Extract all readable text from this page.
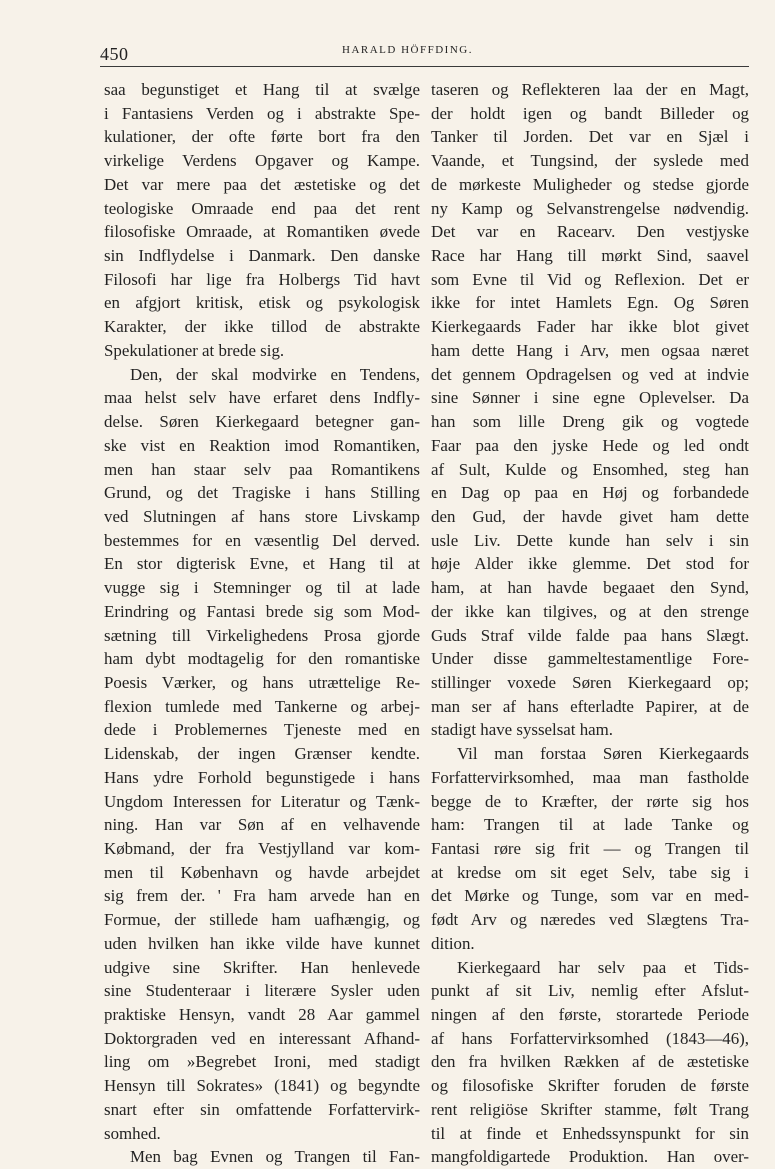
450	HARALD HÖFFDING.
saa begunstiget et Hang til at svælge
i Fantasiens Verden og i abstrakte Spe-
kulationer, der ofte førte bort fra den
virkelige Verdens Opgaver og Kampe.
Det var mere paa det æstetiske og det
teologiske Omraade end paa det rent
filosofiske Omraade, at Romantiken øvede
sin Indflydelse i Danmark. Den danske
Filosofi har lige fra Holbergs Tid havt
en afgjort kritisk, etisk og psykologisk
Karakter, der ikke tillod de abstrakte
Spekulationer at brede sig.
Den, der skal modvirke en Tendens,
maa helst selv have erfaret dens Indfly-
delse. Søren Kierkegaard betegner gan-
ske vist en Reaktion imod Romantiken,
men han staar selv paa Romantikens
Grund, og det Tragiske i hans Stilling
ved Slutningen af hans store Livskamp
bestemmes for en væsentlig Del derved.
En stor digterisk Evne, et Hang til at
vugge sig i Stemninger og til at lade
Erindring og Fantasi brede sig som Mod-
sætning till Virkelighedens Prosa gjorde
ham dybt modtagelig for den romantiske
Poesis Værker, og hans utrættelige Re-
flexion tumlede med Tankerne og arbej-
dede i Problemernes Tjeneste med en
Lidenskab, der ingen Grænser kendte.
Hans ydre Forhold begunstigede i hans
Ungdom Interessen for Literatur og Tænk-
ning. Han var Søn af en velhavende
Købmand, der fra Vestjylland var kom-
men til København og havde arbejdet
sig frem der. ' Fra ham arvede han en
Formue, der stillede ham uafhængig, og
uden hvilken han ikke vilde have kunnet
udgive sine Skrifter. Han henlevede
sine Studenteraar i literære Sysler uden
praktiske Hensyn, vandt 28 Aar gammel
Doktorgraden ved en interessant Afhand-
ling om »Begrebet Ironi, med stadigt
Hensyn till Sokrates» (1841) og begyndte
snart efter sin omfattende Forfattervirk-
somhed.
Men bag Evnen og Trangen til Fan-
taseren og Reflekteren laa der en Magt,
der holdt igen og bandt Billeder og
Tanker til Jorden. Det var en Sjæl i
Vaande, et Tungsind, der syslede med
de mørkeste Muligheder og stedse gjorde
ny Kamp og Selvanstrengelse nødvendig.
Det var en Racearv. Den vestjyske
Race har Hang till mørkt Sind, saavel
som Evne til Vid og Reflexion. Det er
ikke for intet Hamlets Egn. Og Søren
Kierkegaards Fader har ikke blot givet
ham dette Hang i Arv, men ogsaa næret
det gennem Opdragelsen og ved at indvie
sine Sønner i sine egne Oplevelser. Da
han som lille Dreng gik og vogtede
Faar paa den jyske Hede og led ondt
af Sult, Kulde og Ensomhed, steg han
en Dag op paa en Høj og forbandede
den Gud, der havde givet ham dette
usle Liv. Dette kunde han selv i sin
høje Alder ikke glemme. Det stod for
ham, at han havde begaaet den Synd,
der ikke kan tilgives, og at den strenge
Guds Straf vilde falde paa hans Slægt.
Under disse gammeltestamentlige Fore-
stillinger voxede Søren Kierkegaard op;
man ser af hans efterladte Papirer, at de
stadigt have sysselsat ham.
Vil man forstaa Søren Kierkegaards
Forfattervirksomhed, maa man fastholde
begge de to Kræfter, der rørte sig hos
ham: Trangen til at lade Tanke og
Fantasi røre sig frit — og Trangen til
at kredse om sit eget Selv, tabe sig i
det Mørke og Tunge, som var en med-
født Arv og næredes ved Slægtens Tra-
dition.
Kierkegaard har selv paa et Tids-
punkt af sit Liv, nemlig efter Afslut-
ningen af den første, storartede Periode
af hans Forfattervirksomhed (1843—46),
den fra hvilken Rækken af de æstetiske
og filosofiske Skrifter foruden de første
rent religiöse Skrifter stamme, følt Trang
til at finde et Enhedssynspunkt for sin
mangfoldigartede Produktion. Han over-
